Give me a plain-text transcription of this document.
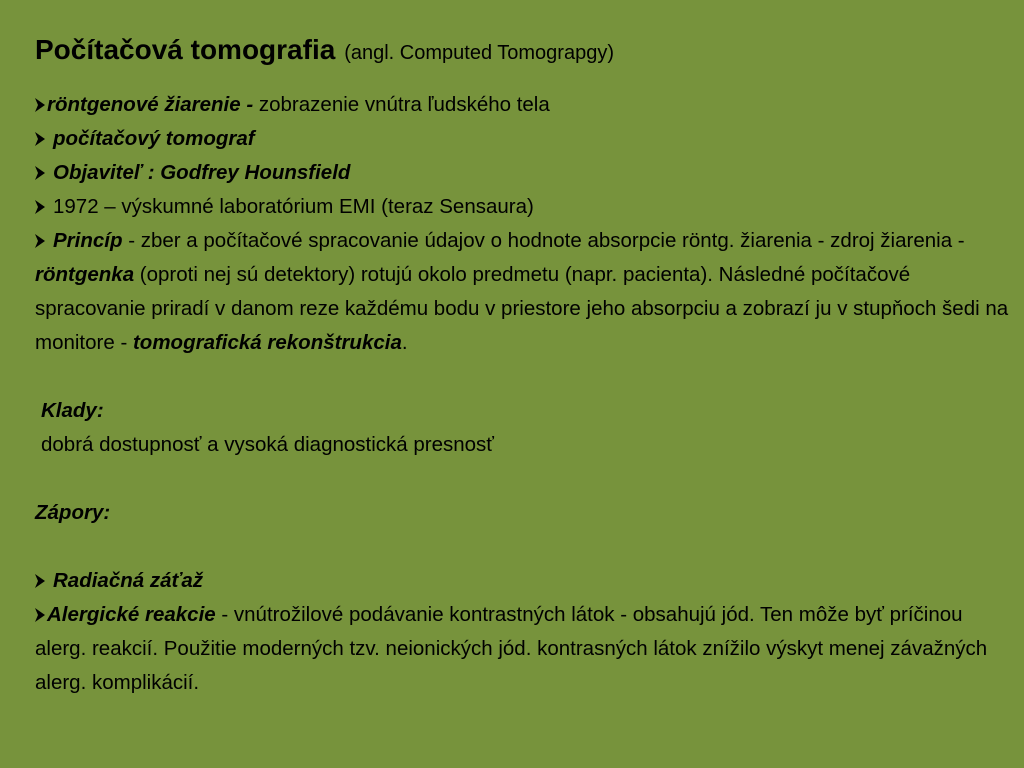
Počítačová tomografia (angl. Computed Tomograpgy)
röntgenové žiarenie - zobrazenie vnútra ľudského tela
počítačový tomograf
Objaviteľ : Godfrey Hounsfield
1972 – výskumné laboratórium EMI (teraz Sensaura)
Princíp - zber a počítačové spracovanie údajov o hodnote absorpcie röntg. žiarenia - zdroj žiarenia - röntgenka (oproti nej sú detektory) rotujú okolo predmetu (napr. pacienta). Následné počítačové spracovanie priradí v danom reze každému bodu v priestore jeho absorpciu a zobrazí ju v stupňoch šedi na monitore - tomografická rekonštrukcia.
Klady:
dobrá dostupnosť a vysoká diagnostická presnosť
Zápory:
Radiačná záťaž
Alergické reakcie - vnútrožilové podávanie kontrastných látok - obsahujú jód. Ten môže byť príčinou alerg. reakcií. Použitie moderných tzv. neionických jód. kontrasných látok znížilo výskyt menej závažných alerg. komplikácií.
